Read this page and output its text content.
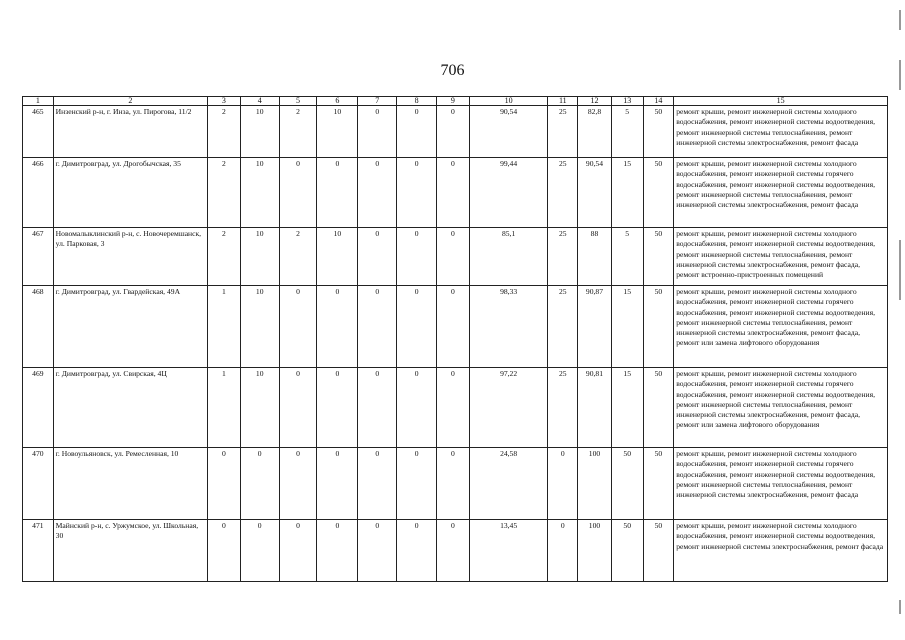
706
1	2	3	4	5	6	7	8	9	10	11	12	13	14	15
465	Инзенский р-н, г. Инза, ул. Пирогова, 11/2	2	10	2	10	0	0	0	90,54	25	82,8	5	50	ремонт крыши, ремонт инженерной системы холодного водоснабжения, ремонт инженерной системы водоотведения, ремонт инженерной системы теплоснабжения, ремонт инженерной системы электроснабжения, ремонт фасада
466	г. Димитровград, ул. Дрогобычская, 35	2	10	0	0	0	0	0	99,44	25	90,54	15	50	ремонт крыши, ремонт инженерной системы холодного водоснабжения, ремонт инженерной системы горячего водоснабжения, ремонт инженерной системы водоотведения, ремонт инженерной системы теплоснабжения, ремонт инженерной системы электроснабжения, ремонт фасада
467	Новомалыклинский р-н, с. Новочеремшанск, ул. Парковая, 3	2	10	2	10	0	0	0	85,1	25	88	5	50	ремонт крыши, ремонт инженерной системы холодного водоснабжения, ремонт инженерной системы водоотведения, ремонт инженерной системы теплоснабжения, ремонт инженерной системы электроснабжения, ремонт фасада, ремонт встроенно-пристроенных помещений
468	г. Димитровград, ул. Гвардейская, 49А	1	10	0	0	0	0	0	98,33	25	90,87	15	50	ремонт крыши, ремонт инженерной системы холодного водоснабжения, ремонт инженерной системы горячего водоснабжения, ремонт инженерной системы водоотведения, ремонт инженерной системы теплоснабжения, ремонт инженерной системы электроснабжения, ремонт фасада, ремонт или замена лифтового оборудования
469	г. Димитровград, ул. Свирская, 4Ц	1	10	0	0	0	0	0	97,22	25	90,81	15	50	ремонт крыши, ремонт инженерной системы холодного водоснабжения, ремонт инженерной системы горячего водоснабжения, ремонт инженерной системы водоотведения, ремонт инженерной системы теплоснабжения, ремонт инженерной системы электроснабжения, ремонт фасада, ремонт или замена лифтового оборудования
470	г. Новоульяновск, ул. Ремесленная, 10	0	0	0	0	0	0	0	24,58	0	100	50	50	ремонт крыши, ремонт инженерной системы холодного водоснабжения, ремонт инженерной системы горячего водоснабжения, ремонт инженерной системы водоотведения, ремонт инженерной системы теплоснабжения, ремонт инженерной системы электроснабжения, ремонт фасада
471	Майнский р-н, с. Уржумское, ул. Школьная, 30	0	0	0	0	0	0	0	13,45	0	100	50	50	ремонт крыши, ремонт инженерной системы холодного водоснабжения, ремонт инженерной системы водоотведения, ремонт инженерной системы электроснабжения, ремонт фасада
